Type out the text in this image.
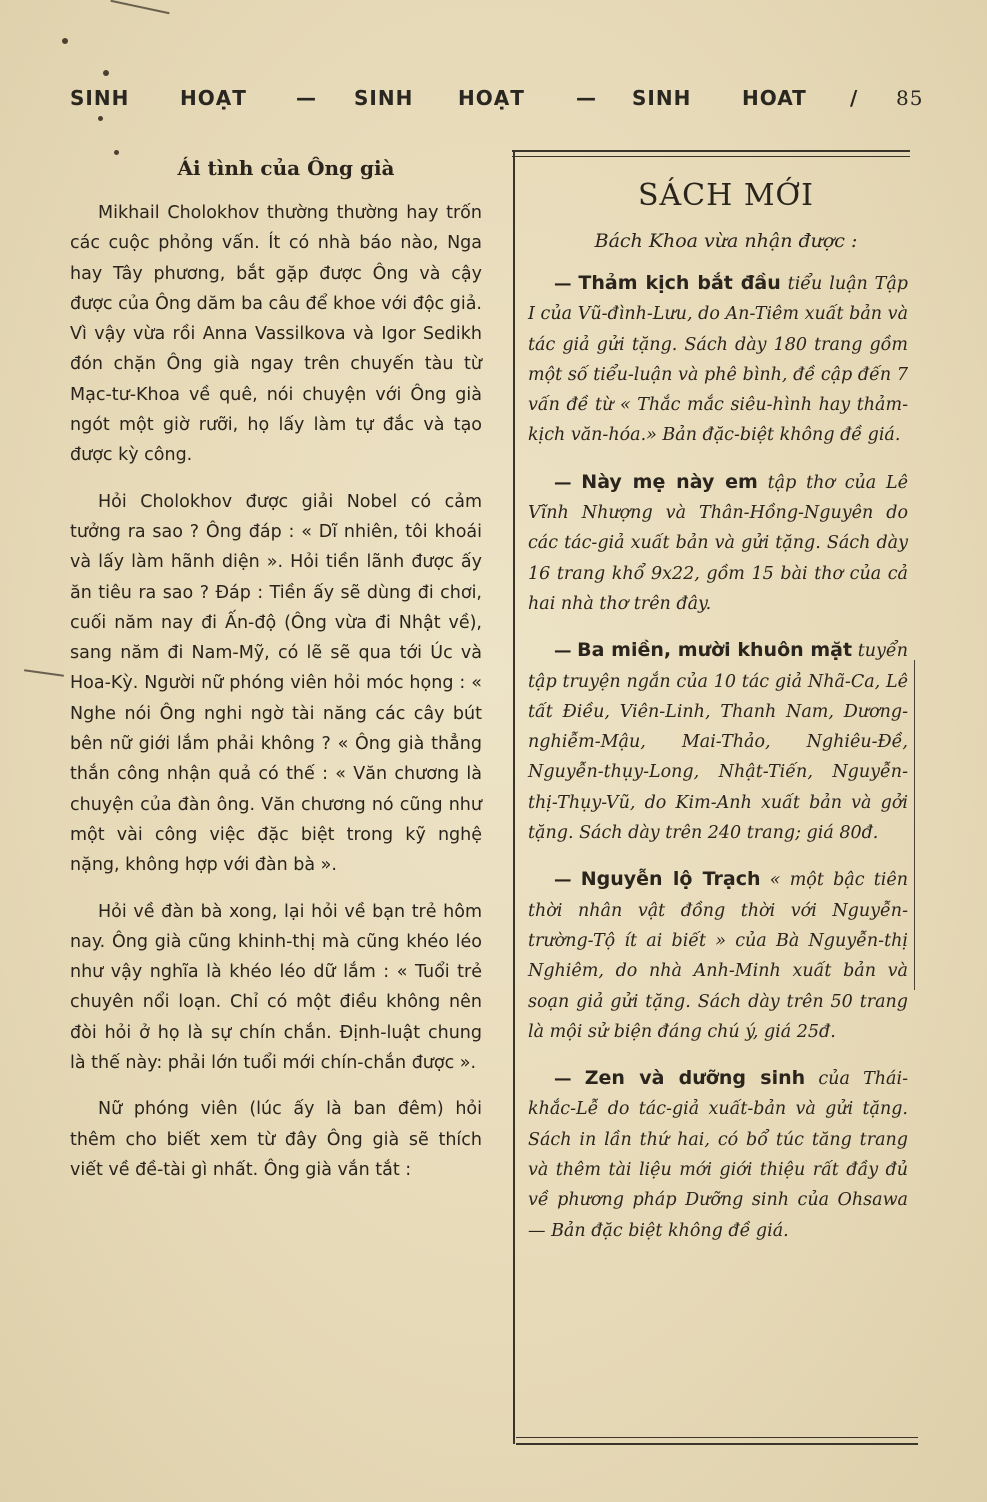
SINH	HOẠT — SINH HOẠT	— SINH	HOAT / 85
Ái tình của Ông già

Mikhail Cholokhov thường thường hay trốn các cuộc phỏng vấn. Ít có nhà báo nào, Nga hay Tây phương, bắt gặp được Ông và cậy được của Ông dăm ba câu để khoe với độc giả. Vì vậy vừa rồi Anna Vassilkova và Igor Sedikh đón chặn Ông già ngay trên chuyến tàu từ Mạc-tư-Khoa về quê, nói chuyện với Ông già ngót một giờ rưỡi, họ lấy làm tự đắc và tạo được kỳ công.

Hỏi Cholokhov được giải Nobel có cảm tưởng ra sao ? Ông đáp : « Dĩ nhiên, tôi khoái và lấy làm hãnh diện ». Hỏi tiền lãnh được ấy ăn tiêu ra sao ? Đáp : Tiền ấy sẽ dùng đi chơi, cuối năm nay đi Ấn-độ (Ông vừa đi Nhật về), sang năm đi Nam-Mỹ, có lẽ sẽ qua tới Úc và Hoa-Kỳ. Người nữ phóng viên hỏi móc họng : « Nghe nói Ông nghi ngờ tài năng các cây bút bên nữ giới lắm phải không ? « Ông già thẳng thắn công nhận quả có thế : « Văn chương là chuyện của đàn ông. Văn chương nó cũng như một vài công việc đặc biệt trong kỹ nghệ nặng, không hợp với đàn bà ».

Hỏi về đàn bà xong, lại hỏi về bạn trẻ hôm nay. Ông già cũng khinh-thị mà cũng khéo léo như vậy nghĩa là khéo léo dữ lắm : « Tuổi trẻ chuyên nổi loạn. Chỉ có một điều không nên đòi hỏi ở họ là sự chín chắn. Định-luật chung là thế này: phải lớn tuổi mới chín-chắn được ».

Nữ phóng viên (lúc ấy là ban đêm) hỏi thêm cho biết xem từ đây Ông già sẽ thích viết về đề-tài gì nhất. Ông già vắn tắt :

SÁCH MỚI
Bách Khoa vừa nhận được :

— Thảm kịch bắt đầu tiểu luận Tập I của Vũ-đình-Lưu, do An-Tiêm xuất bản và tác giả gửi tặng. Sách dày 180 trang gồm một số tiểu-luận và phê bình, đề cập đến 7 vấn đề từ « Thắc mắc siêu-hình hay thảm-kịch văn-hóa.» Bản đặc-biệt không đề giá.

— Này mẹ này em tập thơ của Lê Vĩnh Nhượng và Thân-Hồng-Nguyên do các tác-giả xuất bản và gửi tặng. Sách dày 16 trang khổ 9x22, gồm 15 bài thơ của cả hai nhà thơ trên đây.

— Ba miền, mười khuôn mặt tuyển tập truyện ngắn của 10 tác giả Nhã-Ca, Lê tất Điều, Viên-Linh, Thanh Nam, Dương-nghiễm-Mậu, Mai-Thảo, Nghiêu-Đề, Nguyễn-thụy-Long, Nhật-Tiến, Nguyễn-thị-Thụy-Vũ, do Kim-Anh xuất bản và gởi tặng. Sách dày trên 240 trang; giá 80đ.

— Nguyễn lộ Trạch « một bậc tiên thời nhân vật đồng thời với Nguyễn-trường-Tộ ít ai biết » của Bà Nguyễn-thị Nghiêm, do nhà Anh-Minh xuất bản và soạn giả gửi tặng. Sách dày trên 50 trang là mội sử biện đáng chú ý, giá 25đ.

— Zen và dưỡng sinh của Thái-khắc-Lễ do tác-giả xuất-bản và gửi tặng. Sách in lần thứ hai, có bổ túc tăng trang và thêm tài liệu mới giới thiệu rất đầy đủ về phương pháp Dưỡng sinh của Ohsawa — Bản đặc biệt không đề giá.
